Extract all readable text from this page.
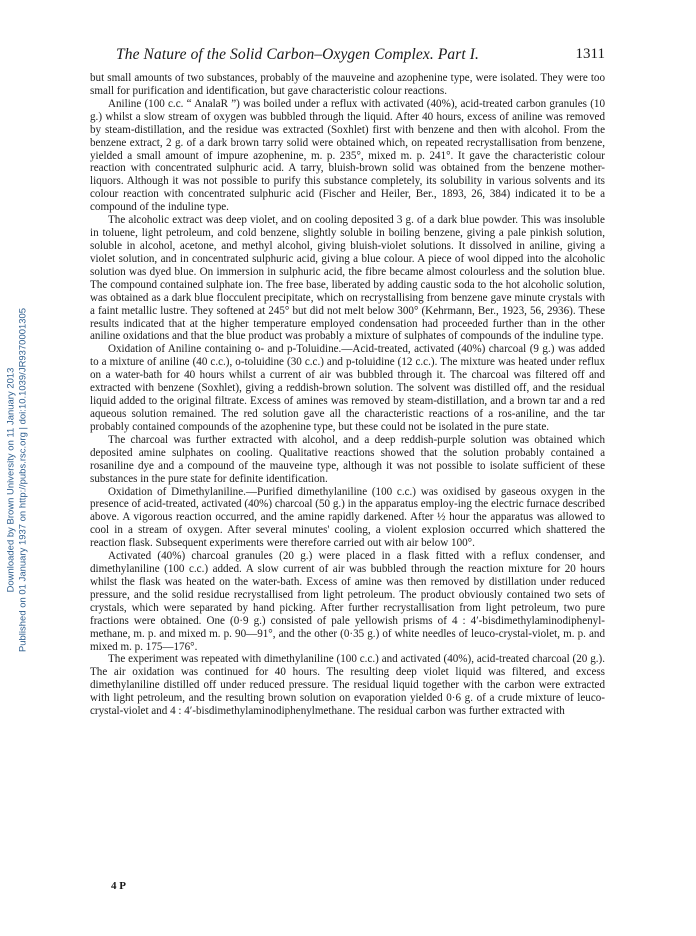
The Nature of the Solid Carbon–Oxygen Complex. Part I.	1311
Downloaded by Brown University on 11 January 2013 Published on 01 January 1937 on http://pubs.rsc.org | doi:10.1039/JR9370001305

but small amounts of two substances, probably of the mauveine and azophenine type, were isolated. They were too small for purification and identification, but gave characteristic colour reactions.

Aniline (100 c.c. “ AnalaR ”) was boiled under a reflux with activated (40%), acid-treated carbon granules (10 g.) whilst a slow stream of oxygen was bubbled through the liquid. After 40 hours, excess of aniline was removed by steam-distillation, and the residue was extracted (Soxhlet) first with benzene and then with alcohol. From the benzene extract, 2 g. of a dark brown tarry solid were obtained which, on repeated recrystallisation from benzene, yielded a small amount of impure azophenine, m. p. 235°, mixed m. p. 241°. It gave the characteristic colour reaction with concentrated sulphuric acid. A tarry, bluish-brown solid was obtained from the benzene mother-liquors. Although it was not possible to purify this substance completely, its solubility in various solvents and its colour reaction with concentrated sulphuric acid (Fischer and Heiler, Ber., 1893, 26, 384) indicated it to be a compound of the induline type.

The alcoholic extract was deep violet, and on cooling deposited 3 g. of a dark blue powder. This was insoluble in toluene, light petroleum, and cold benzene, slightly soluble in boiling benzene, giving a pale pinkish solution, soluble in alcohol, acetone, and methyl alcohol, giving bluish-violet solutions. It dissolved in aniline, giving a violet solution, and in concentrated sulphuric acid, giving a blue colour. A piece of wool dipped into the alcoholic solution was dyed blue. On immersion in sulphuric acid, the fibre became almost colourless and the solution blue. The compound contained sulphate ion. The free base, liberated by adding caustic soda to the hot alcoholic solution, was obtained as a dark blue flocculent precipitate, which on recrystallising from benzene gave minute crystals with a faint metallic lustre. They softened at 245° but did not melt below 300° (Kehrmann, Ber., 1923, 56, 2936). These results indicated that at the higher temperature employed condensation had proceeded further than in the other aniline oxidations and that the blue product was probably a mixture of sulphates of compounds of the induline type.

Oxidation of Aniline containing o- and p-Toluidine.—Acid-treated, activated (40%) charcoal (9 g.) was added to a mixture of aniline (40 c.c.), o-toluidine (30 c.c.) and p-toluidine (12 c.c.). The mixture was heated under reflux on a water-bath for 40 hours whilst a current of air was bubbled through it. The charcoal was filtered off and extracted with benzene (Soxhlet), giving a reddish-brown solution. The solvent was distilled off, and the residual liquid added to the original filtrate. Excess of amines was removed by steam-distillation, and a brown tar and a red aqueous solution remained. The red solution gave all the characteristic reactions of a ros-aniline, and the tar probably contained compounds of the azophenine type, but these could not be isolated in the pure state.

The charcoal was further extracted with alcohol, and a deep reddish-purple solution was obtained which deposited amine sulphates on cooling. Qualitative reactions showed that the solution probably contained a rosaniline dye and a compound of the mauveine type, although it was not possible to isolate sufficient of these substances in the pure state for definite identification.

Oxidation of Dimethylaniline.—Purified dimethylaniline (100 c.c.) was oxidised by gaseous oxygen in the presence of acid-treated, activated (40%) charcoal (50 g.) in the apparatus employ-ing the electric furnace described above. A vigorous reaction occurred, and the amine rapidly darkened. After ½ hour the apparatus was allowed to cool in a stream of oxygen. After several minutes' cooling, a violent explosion occurred which shattered the reaction flask. Subsequent experiments were therefore carried out with air below 100°.

Activated (40%) charcoal granules (20 g.) were placed in a flask fitted with a reflux condenser, and dimethylaniline (100 c.c.) added. A slow current of air was bubbled through the reaction mixture for 20 hours whilst the flask was heated on the water-bath. Excess of amine was then removed by distillation under reduced pressure, and the solid residue recrystallised from light petroleum. The product obviously contained two sets of crystals, which were separated by hand picking. After further recrystallisation from light petroleum, two pure fractions were obtained. One (0·9 g.) consisted of pale yellowish prisms of 4 : 4′-bisdimethylaminodiphenyl-methane, m. p. and mixed m. p. 90—91°, and the other (0·35 g.) of white needles of leuco-crystal-violet, m. p. and mixed m. p. 175—176°.

The experiment was repeated with dimethylaniline (100 c.c.) and activated (40%), acid-treated charcoal (20 g.). The air oxidation was continued for 40 hours. The resulting deep violet liquid was filtered, and excess dimethylaniline distilled off under reduced pressure. The residual liquid together with the carbon were extracted with light petroleum, and the resulting brown solution on evaporation yielded 0·6 g. of a crude mixture of leuco-crystal-violet and 4 : 4′-bisdimethylaminodiphenylmethane. The residual carbon was further extracted with

4 P
